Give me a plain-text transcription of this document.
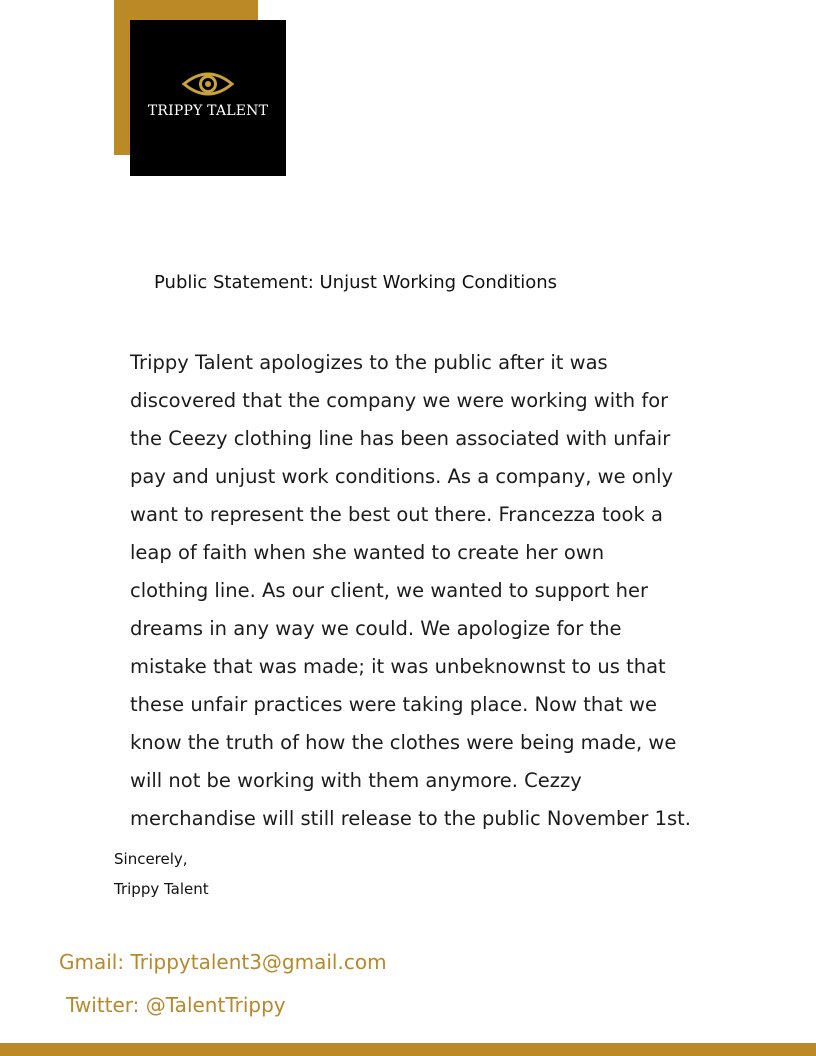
TRIPPY TALENT
Public Statement: Unjust Working Conditions
Trippy Talent apologizes to the public after it was
discovered that the company we were working with for
the Ceezy clothing line has been associated with unfair
pay and unjust work conditions. As a company, we only
want to represent the best out there. Francezza took a
leap of faith when she wanted to create her own
clothing line. As our client, we wanted to support her
dreams in any way we could. We apologize for the
mistake that was made; it was unbeknownst to us that
these unfair practices were taking place. Now that we
know the truth of how the clothes were being made, we
will not be working with them anymore. Cezzy
merchandise will still release to the public November 1st.
Sincerely,
Trippy Talent
Gmail: Trippytalent3@gmail.com
Twitter: @TalentTrippy
